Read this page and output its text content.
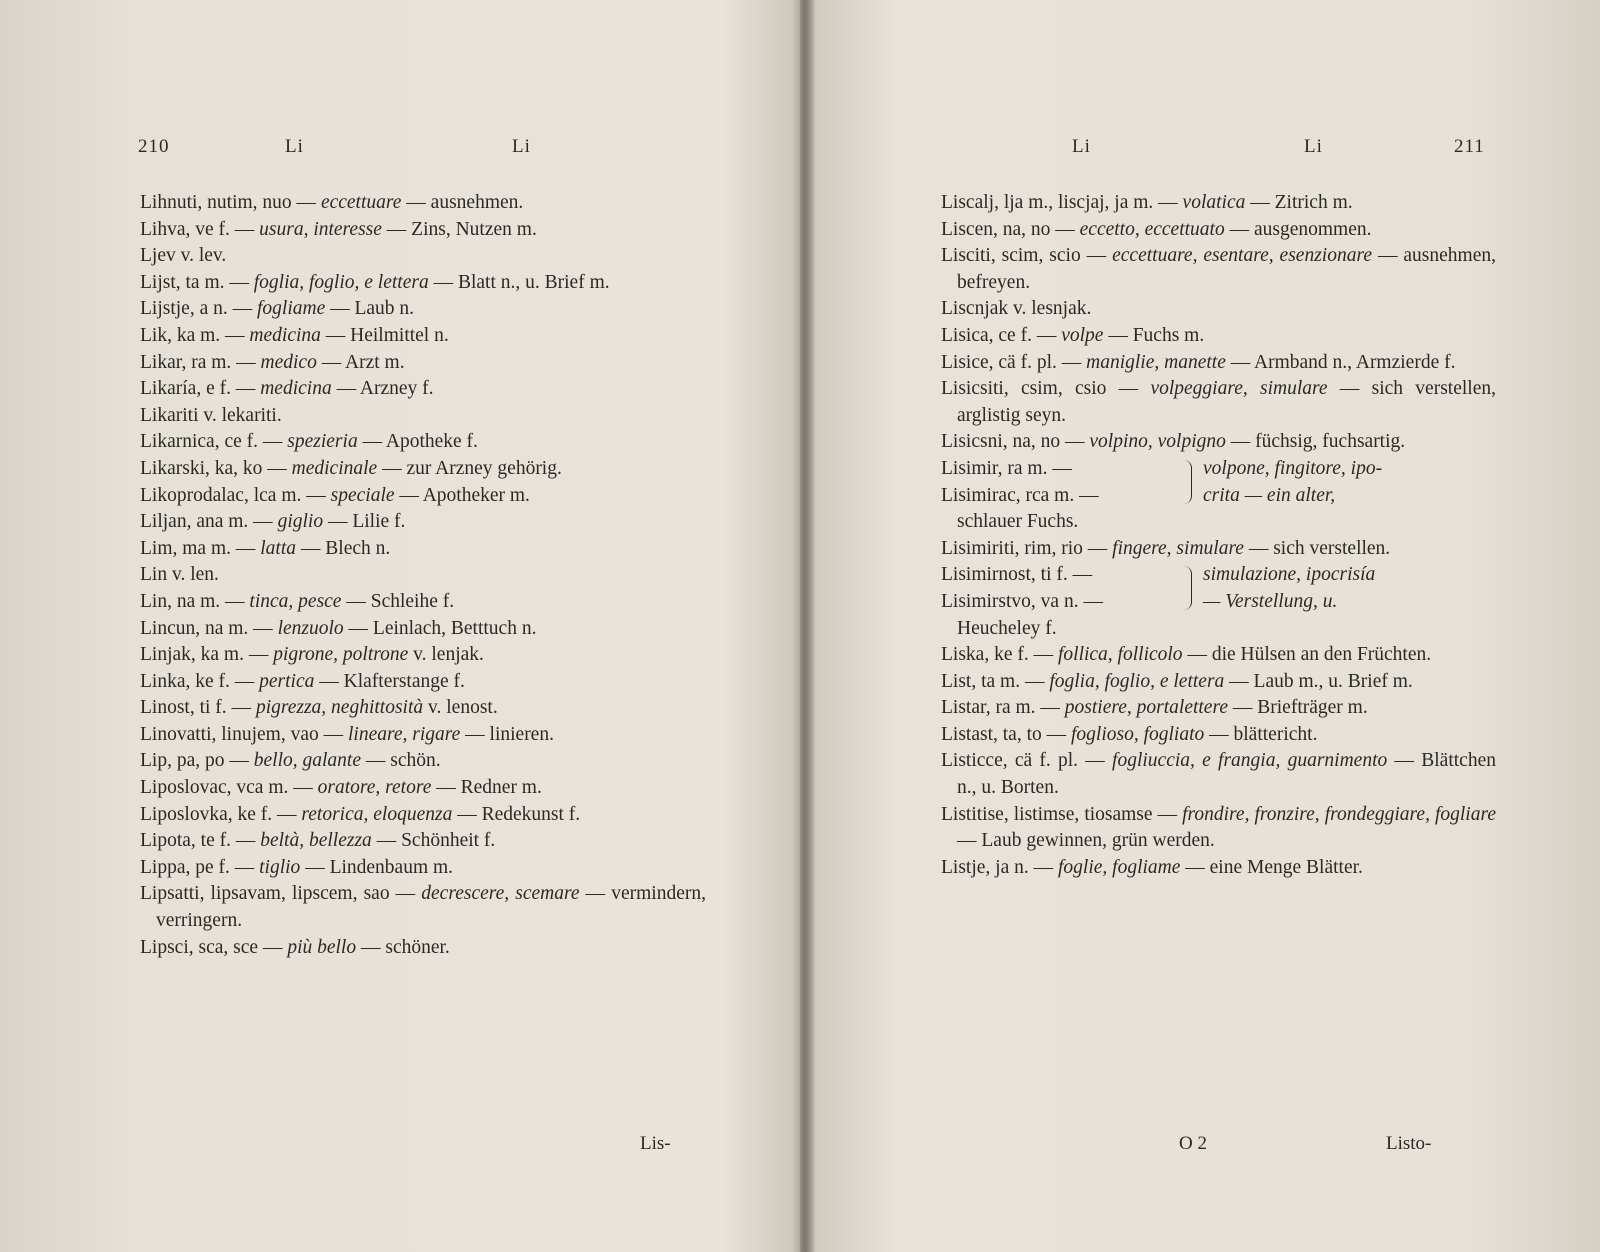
210	Li	Li
Lihnuti, nutim, nuo — eccettuare — ausnehmen.
Lihva, ve f. — usura, interesse — Zins, Nutzen m.
Ljev v. lev.
Lijst, ta m. — foglia, foglio, e lettera — Blatt n., u. Brief m.
Lijstje, a n. — fogliame — Laub n.
Lik, ka m. — medicina — Heilmittel n.
Likar, ra m. — medico — Arzt m.
Likaría, e f. — medicina — Arzney f.
Likariti v. lekariti.
Likarnica, ce f. — spezieria — Apotheke f.
Likarski, ka, ko — medicinale — zur Arzney gehörig.
Likoprodalac, lca m. — speciale — Apotheker m.
Liljan, ana m. — giglio — Lilie f.
Lim, ma m. — latta — Blech n.
Lin v. len.
Lin, na m. — tinca, pesce — Schleihe f.
Lincun, na m. — lenzuolo — Leinlach, Betttuch n.
Linjak, ka m. — pigrone, poltrone v. lenjak.
Linka, ke f. — pertica — Klafterstange f.
Linost, ti f. — pigrezza, neghittosità v. lenost.
Linovatti, linujem, vao — lineare, rigare — linieren.
Lip, pa, po — bello, galante — schön.
Liposlovac, vca m. — oratore, retore — Redner m.
Liposlovka, ke f. — retorica, eloquenza — Redekunst f.
Lipota, te f. — beltà, bellezza — Schönheit f.
Lippa, pe f. — tiglio — Lindenbaum m.
Lipsatti, lipsavam, lipscem, sao — decrescere, scemare — vermindern, verringern.
Lipsci, sca, sce — più bello — schöner.
Lis-
Li	Li	211
Liscalj, lja m., liscjaj, ja m. — volatica — Zitrich m.
Liscen, na, no — eccetto, eccettuato — ausgenommen.
Lisciti, scim, scio — eccettuare, esentare, esenzionare — ausnehmen, befreyen.
Liscnjak v. lesnjak.
Lisica, ce f. — volpe — Fuchs m.
Lisice, cä f. pl. — maniglie, manette — Armband n., Armzierde f.
Lisicsiti, csim, csio — volpeggiare, simulare — sich verstellen, arglistig seyn.
Lisicsni, na, no — volpino, volpigno — füchsig, fuchsartig.
Lisimir, ra m. —
Lisimirac, rca m. —
volpone, fingitore, ipo-
crita — ein alter,
schlauer Fuchs.
Lisimiriti, rim, rio — fingere, simulare — sich verstellen.
Lisimirnost, ti f. —
Lisimirstvo, va n. —
simulazione, ipocrisía
— Verstellung, u.
Heucheley f.
Liska, ke f. — follica, follicolo — die Hülsen an den Früchten.
List, ta m. — foglia, foglio, e lettera — Laub m., u. Brief m.
Listar, ra m. — postiere, portalettere — Briefträger m.
Listast, ta, to — foglioso, fogliato — blättericht.
Listicce, cä f. pl. — fogliuccia, e frangia, guarnimento — Blättchen n., u. Borten.
Listitise, listimse, tiosamse — frondire, fronzire, frondeggiare, fogliare — Laub gewinnen, grün werden.
Listje, ja n. — foglie, fogliame — eine Menge Blätter.
O 2	Listo-
